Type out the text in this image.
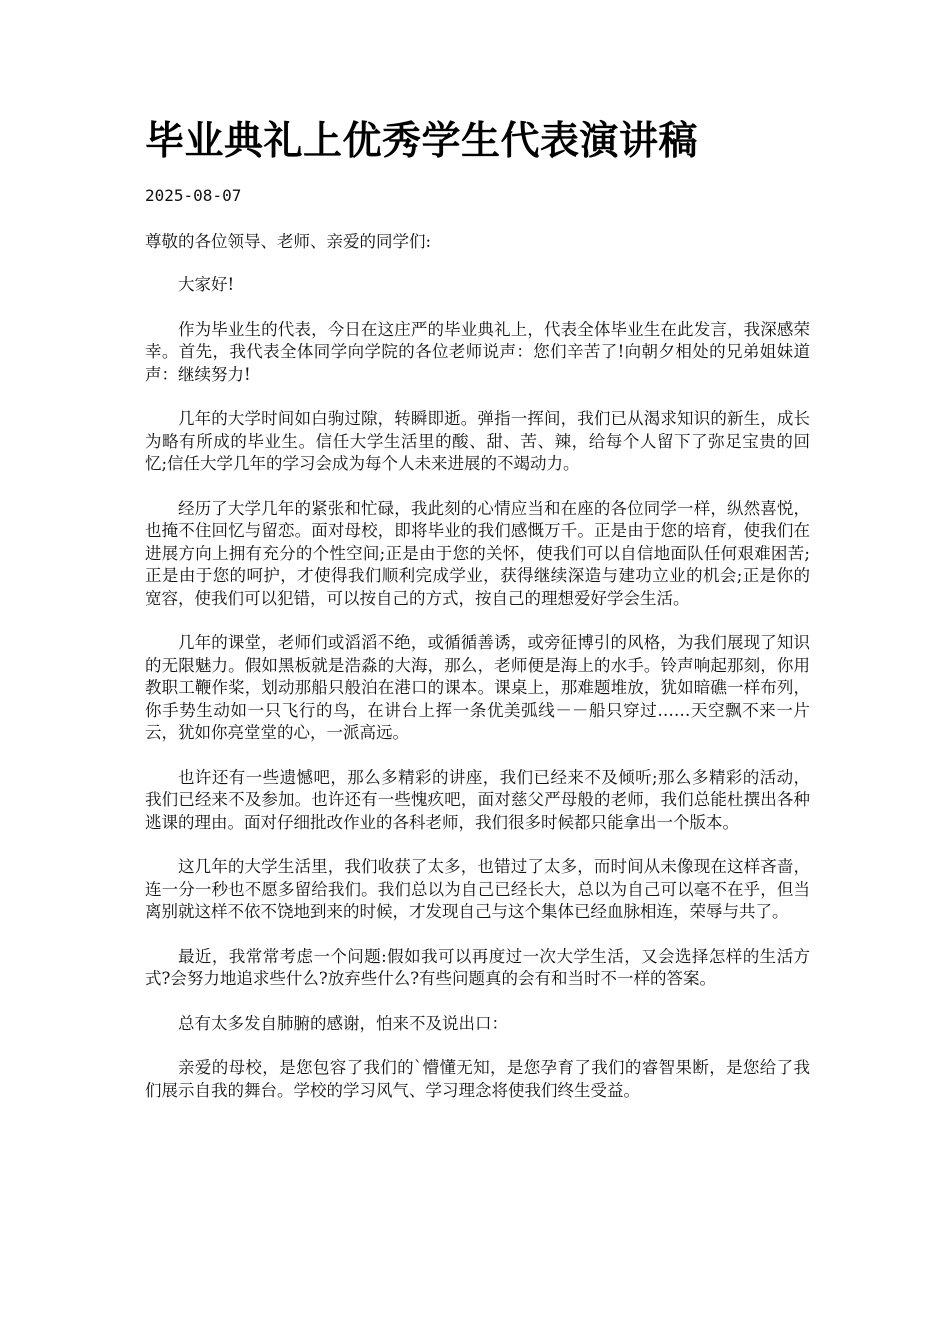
毕业典礼上优秀学生代表演讲稿
2025-08-07
尊敬的各位领导、老师、亲爱的同学们:

大家好!

作为毕业生的代表，今日在这庄严的毕业典礼上，代表全体毕业生在此发言，我深感荣幸。首先，我代表全体同学向学院的各位老师说声：您们辛苦了!向朝夕相处的兄弟姐妹道声：继续努力!

几年的大学时间如白驹过隙，转瞬即逝。弹指一挥间，我们已从渴求知识的新生，成长为略有所成的毕业生。信任大学生活里的酸、甜、苦、辣，给每个人留下了弥足宝贵的回忆;信任大学几年的学习会成为每个人未来进展的不竭动力。

经历了大学几年的紧张和忙碌，我此刻的心情应当和在座的各位同学一样，纵然喜悦，也掩不住回忆与留恋。面对母校，即将毕业的我们感慨万千。正是由于您的培育，使我们在进展方向上拥有充分的个性空间;正是由于您的关怀，使我们可以自信地面队任何艰难困苦;正是由于您的呵护，才使得我们顺利完成学业，获得继续深造与建功立业的机会;正是你的宽容，使我们可以犯错，可以按自己的方式，按自己的理想爱好学会生活。

几年的课堂，老师们或滔滔不绝，或循循善诱，或旁征博引的风格，为我们展现了知识的无限魅力。假如黑板就是浩淼的大海，那么，老师便是海上的水手。铃声响起那刻，你用教职工鞭作桨，划动那船只般泊在港口的课本。课桌上，那难题堆放，犹如暗礁一样布列，你手势生动如一只飞行的鸟，在讲台上挥一条优美弧线－－船只穿过……天空飘不来一片云，犹如你亮堂堂的心，一派高远。

也许还有一些遗憾吧，那么多精彩的讲座，我们已经来不及倾听;那么多精彩的活动，我们已经来不及参加。也许还有一些愧疚吧，面对慈父严母般的老师，我们总能杜撰出各种逃课的理由。面对仔细批改作业的各科老师，我们很多时候都只能拿出一个版本。

这几年的大学生活里，我们收获了太多，也错过了太多，而时间从未像现在这样吝啬，连一分一秒也不愿多留给我们。我们总以为自己已经长大，总以为自己可以毫不在乎，但当离别就这样不依不饶地到来的时候，才发现自己与这个集体已经血脉相连，荣辱与共了。

最近，我常常考虑一个问题:假如我可以再度过一次大学生活，又会选择怎样的生活方式?会努力地追求些什么?放弃些什么?有些问题真的会有和当时不一样的答案。

总有太多发自肺腑的感谢，怕来不及说出口：

亲爱的母校，是您包容了我们的`懵懂无知，是您孕育了我们的睿智果断，是您给了我们展示自我的舞台。学校的学习风气、学习理念将使我们终生受益。
